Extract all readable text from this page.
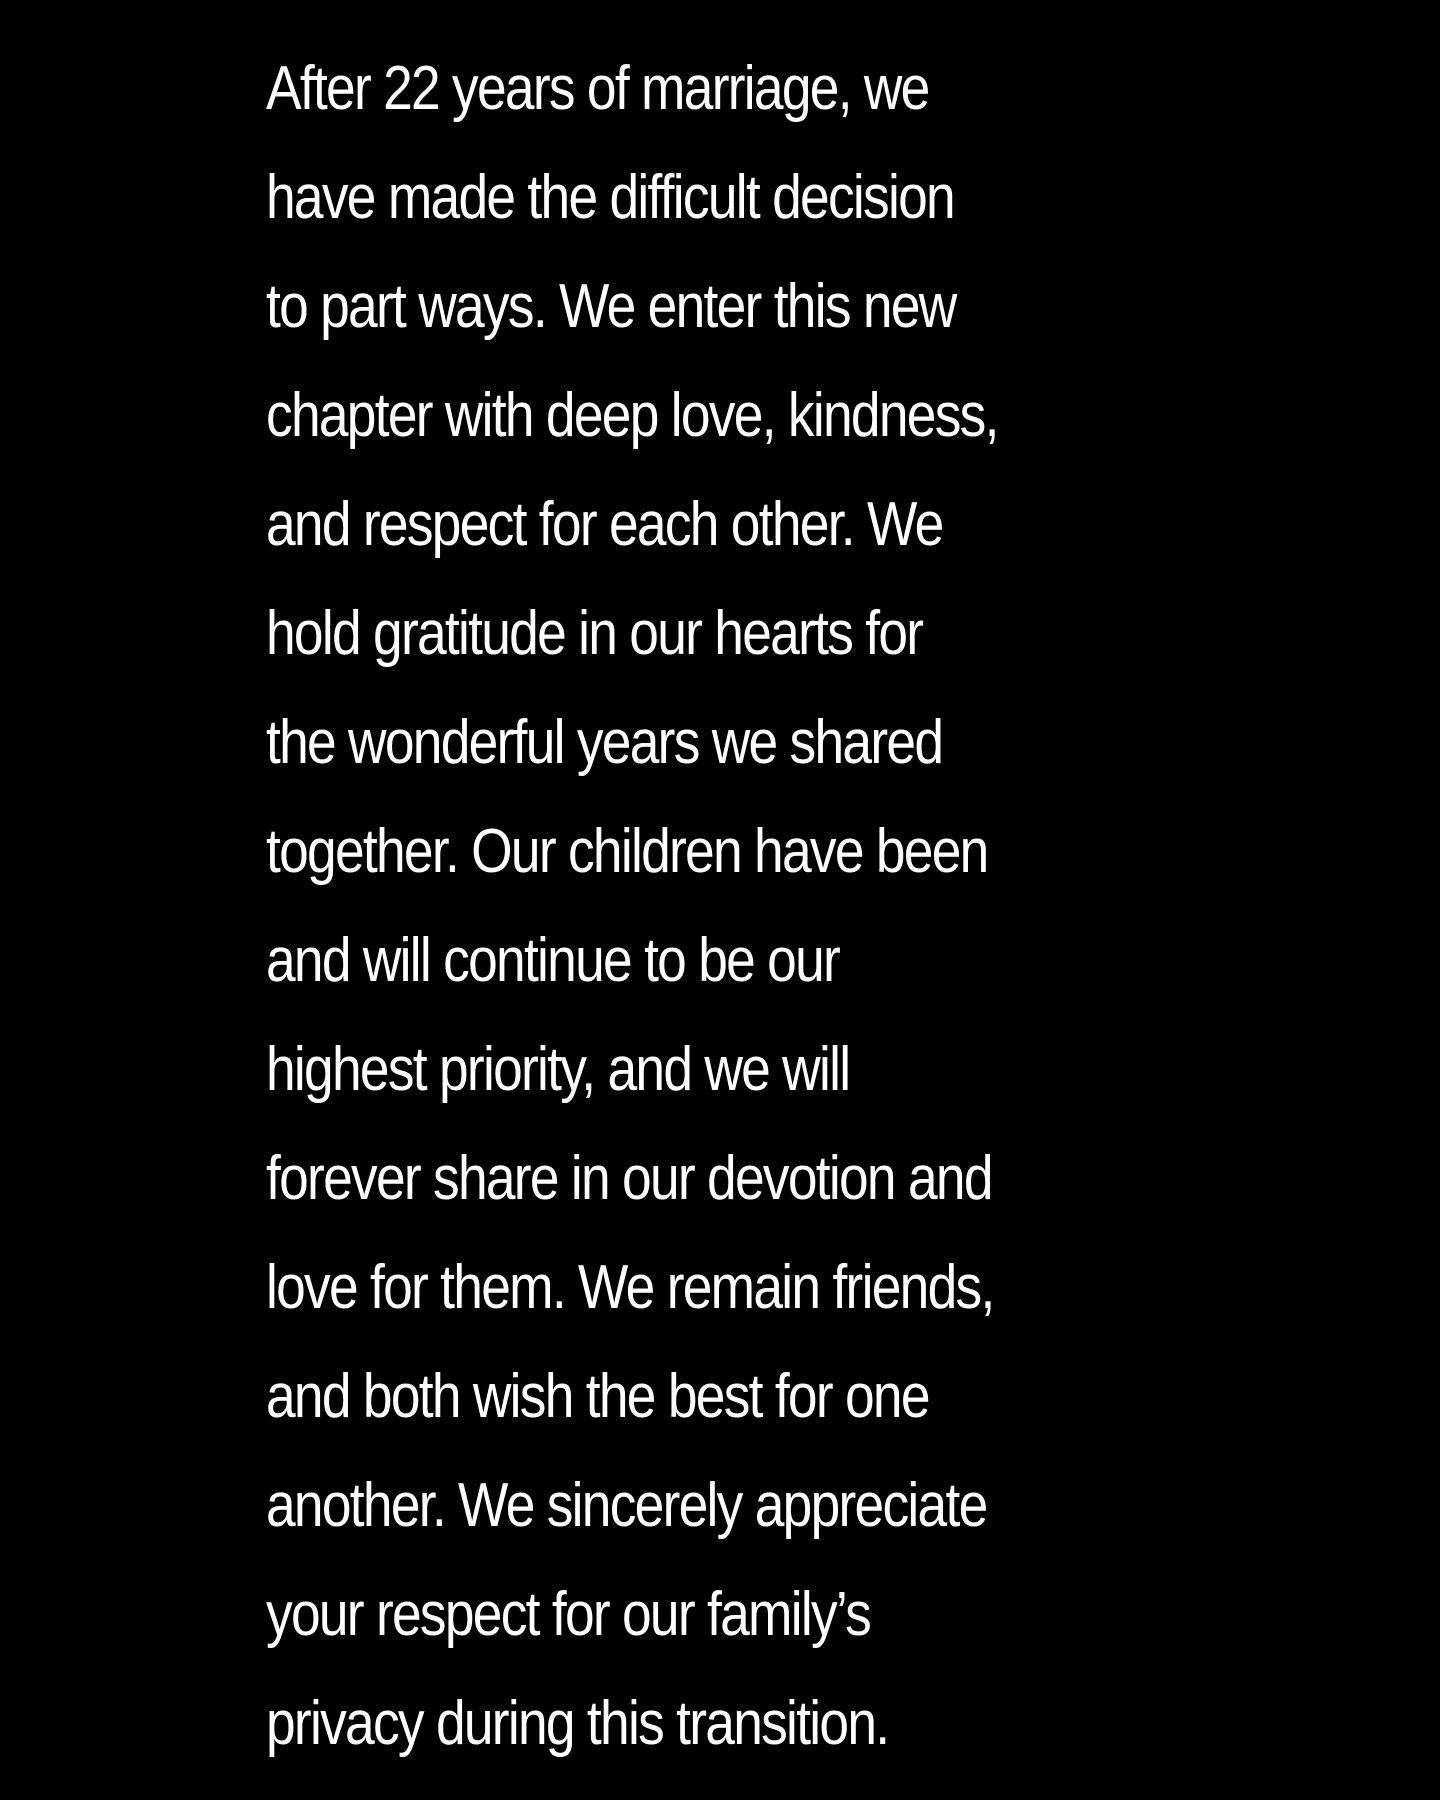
After 22 years of marriage, we
have made the difficult decision
to part ways. We enter this new
chapter with deep love, kindness,
and respect for each other. We
hold gratitude in our hearts for
the wonderful years we shared
together. Our children have been
and will continue to be our
highest priority, and we will
forever share in our devotion and
love for them. We remain friends,
and both wish the best for one
another. We sincerely appreciate
your respect for our family’s
privacy during this transition.
